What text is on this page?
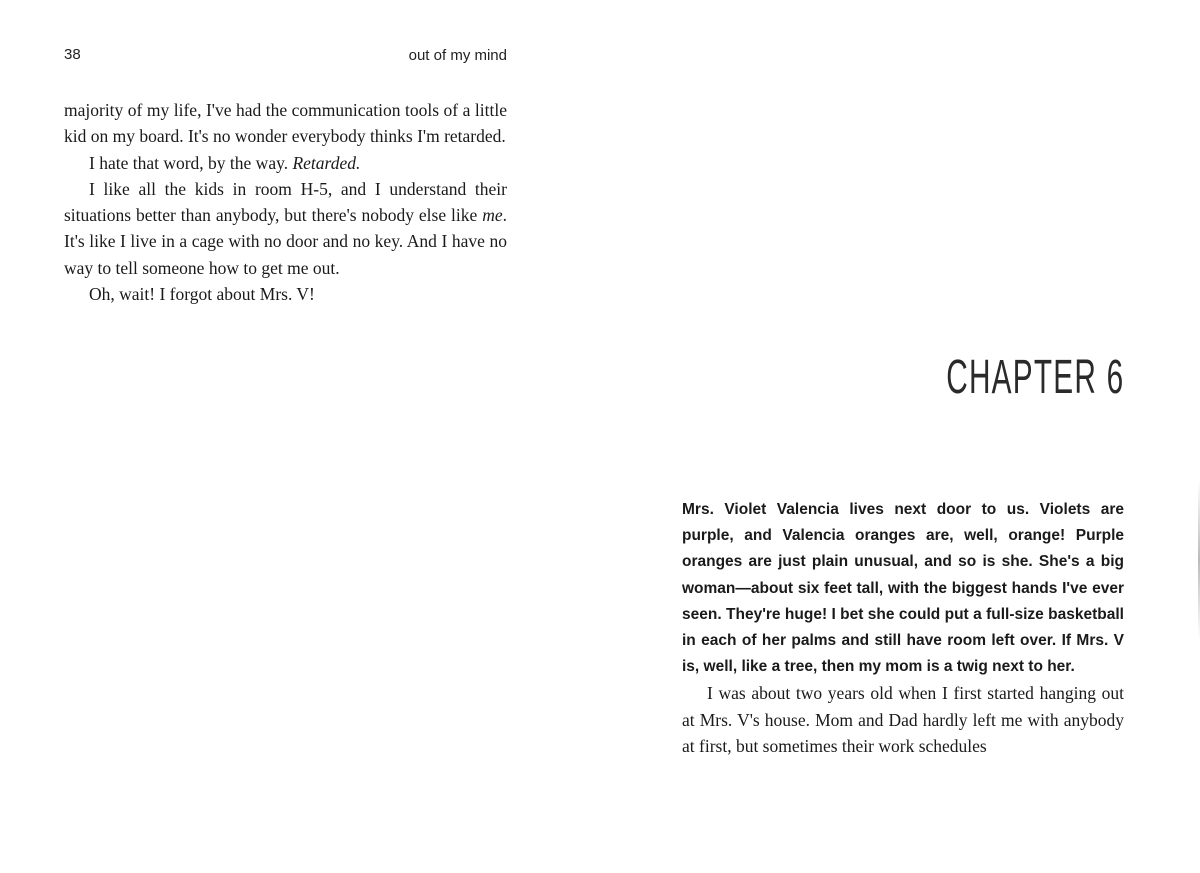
38	out of my mind

majority of my life, I've had the communication tools of a little kid on my board. It's no wonder everybody thinks I'm retarded.

I hate that word, by the way. Retarded.

I like all the kids in room H-5, and I understand their situations better than anybody, but there's nobody else like me. It's like I live in a cage with no door and no key. And I have no way to tell someone how to get me out.

Oh, wait! I forgot about Mrs. V!

CHAPTER 6

Mrs. Violet Valencia lives next door to us. Violets are purple, and Valencia oranges are, well, orange! Purple oranges are just plain unusual, and so is she. She's a big woman—about six feet tall, with the biggest hands I've ever seen. They're huge! I bet she could put a full-size basketball in each of her palms and still have room left over. If Mrs. V is, well, like a tree, then my mom is a twig next to her.

I was about two years old when I first started hanging out at Mrs. V's house. Mom and Dad hardly left me with anybody at first, but sometimes their work schedules
